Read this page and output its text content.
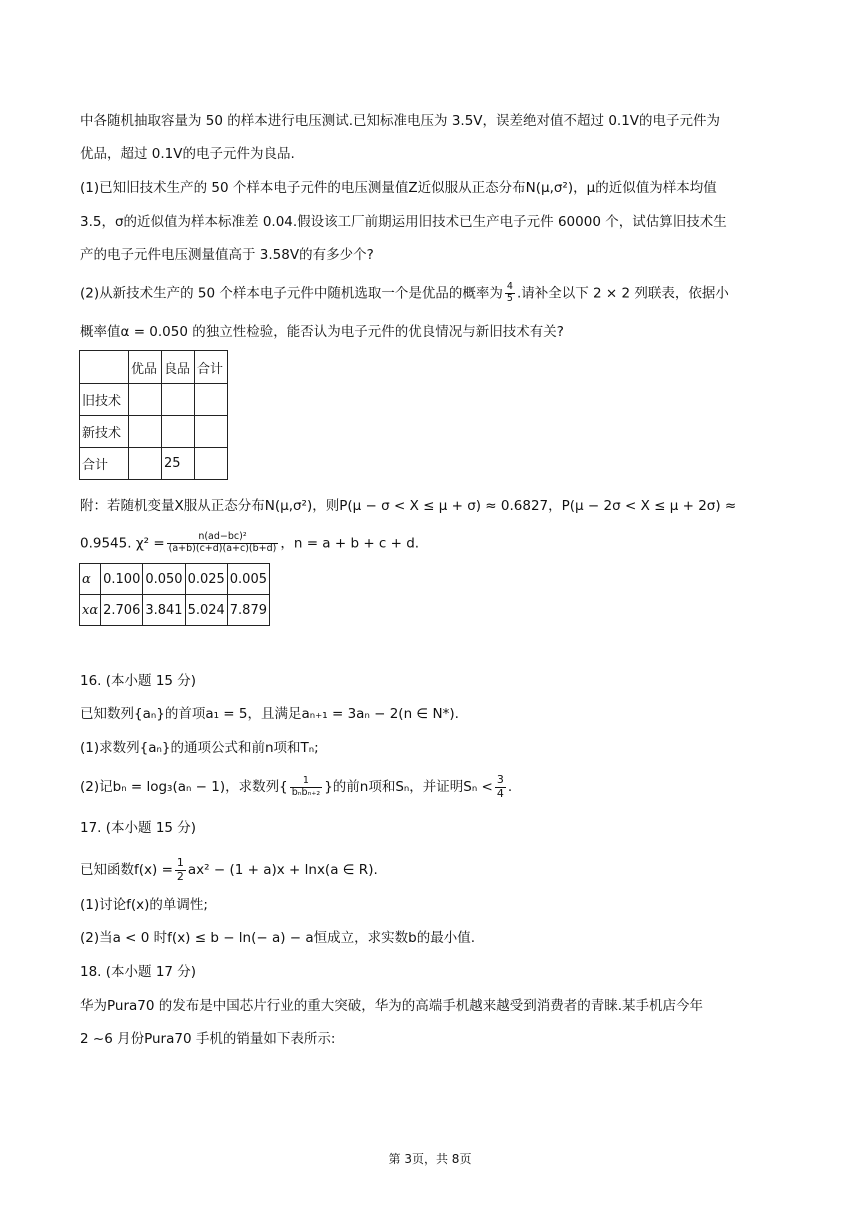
中各随机抽取容量为 50 的样本进行电压测试.已知标准电压为 3.5V，误差绝对值不超过 0.1V的电子元件为
优品，超过 0.1V的电子元件为良品.
(1)已知旧技术生产的 50 个样本电子元件的电压测量值Z近似服从正态分布N(μ,σ²)，μ的近似值为样本均值
3.5，σ的近似值为样本标准差 0.04.假设该工厂前期运用旧技术已生产电子元件 60000 个，试估算旧技术生
产的电子元件电压测量值高于 3.58V的有多少个?
(2)从新技术生产的 50 个样本电子元件中随机选取一个是优品的概率为 $\frac{4}{5}$ .请补全以下 2 × 2 列联表，依据小
概率值α = 0.050 的独立性检验，能否认为电子元件的优良情况与新旧技术有关?
	优品	良品	合计
旧技术			
新技术			
合计		25	
附：若随机变量X服从正态分布N(μ,σ²)，则P(μ − σ < X ≤ μ + σ) ≈ 0.6827，P(μ − 2σ < X ≤ μ + 2σ) ≈
0.9545. $\chi^2 = \frac{\text{n(ad−bc)²}}{(a+b)(c+d)(a+c)(b+d)}$ ，n = a + b + c + d.
α	0.100	0.050	0.025	0.005
xα	2.706	3.841	5.024	7.879
16. (本小题 15 分)
已知数列{aₙ}的首项a₁ = 5，且满足aₙ₊₁ = 3aₙ − 2(n ∈ N*).
(1)求数列{aₙ}的通项公式和前n项和Tₙ;
(2)记bₙ = log₃(aₙ − 1)，求数列{ $\frac{1}{\text{bₙbₙ₊₂}}$ }的前n项和Sₙ，并证明$S_n < \frac{3}{4}$ .
17. (本小题 15 分)
已知函数$f(x) = \frac{1}{2} ax^2 - (1 + a)x + \ln x(a$ ∈ R).
(1)讨论f(x)的单调性;
(2)当a < 0 时f(x) ≤ b − ln(− a) − a恒成立，求实数b的最小值.
18. (本小题 17 分)
华为Pura70 的发布是中国芯片行业的重大突破，华为的高端手机越来越受到消费者的青睐.某手机店今年
2 ~6 月份Pura70 手机的销量如下表所示:
第 3页，共 8页
